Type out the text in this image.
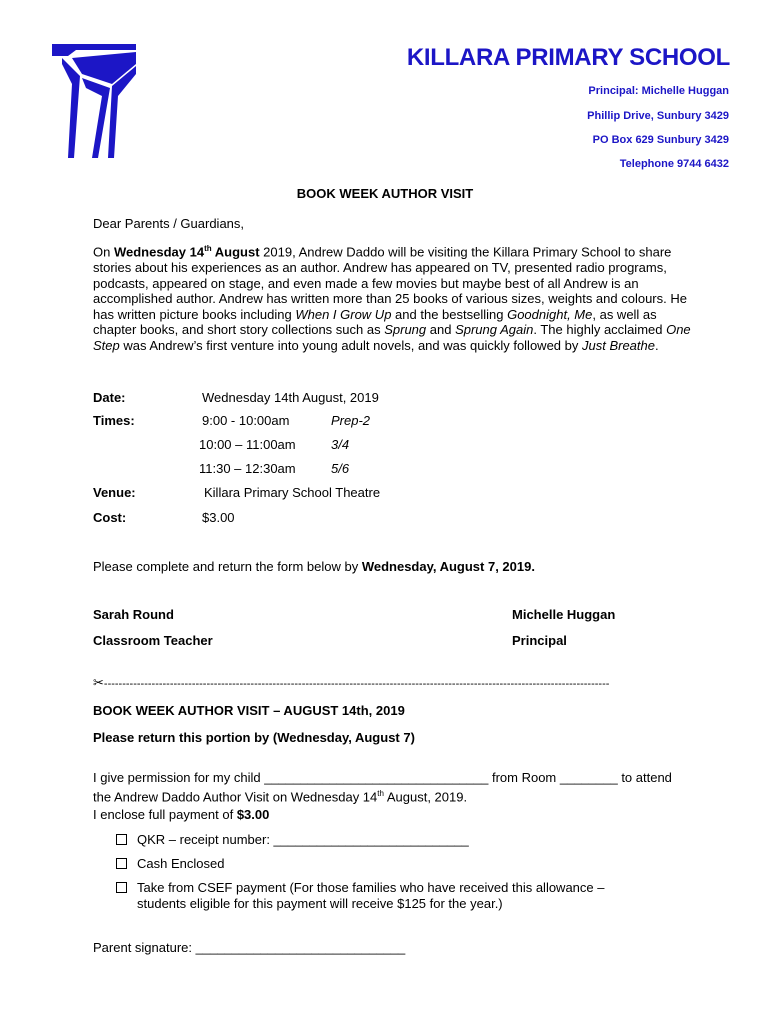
KILLARA PRIMARY SCHOOL
Principal: Michelle Huggan
Phillip Drive, Sunbury 3429
PO Box 629 Sunbury 3429
Telephone 9744 6432
BOOK WEEK AUTHOR VISIT
Dear Parents / Guardians,
On Wednesday 14th August 2019, Andrew Daddo will be visiting the Killara Primary School to share stories about his experiences as an author. Andrew has appeared on TV, presented radio programs, podcasts, appeared on stage, and even made a few movies but maybe best of all Andrew is an accomplished author. Andrew has written more than 25 books of various sizes, weights and colours. He has written picture books including When I Grow Up and the bestselling Goodnight, Me, as well as chapter books, and short story collections such as Sprung and Sprung Again. The highly acclaimed One Step was Andrew’s first venture into young adult novels, and was quickly followed by Just Breathe.
Date:	Wednesday 14th August, 2019
Times:	9:00 - 10:00am	Prep-2
10:00 – 11:00am	3/4
11:30 – 12:30am	5/6
Venue:	Killara Primary School Theatre
Cost:	$3.00
Please complete and return the form below by Wednesday, August 7, 2019.
Sarah Round
Classroom Teacher
Michelle Huggan
Principal
✂------------------------------------------------------------------------------------------------------------------------------------------
BOOK WEEK AUTHOR VISIT – AUGUST 14th, 2019
Please return this portion by (Wednesday, August 7)
I give permission for my child _______________________________ from Room ________ to attend the Andrew Daddo Author Visit on Wednesday 14th August, 2019.
I enclose full payment of $3.00
QKR – receipt number: ___________________________
Cash Enclosed
Take from CSEF payment (For those families who have received this allowance – students eligible for this payment will receive $125 for the year.)
Parent signature: _____________________________
